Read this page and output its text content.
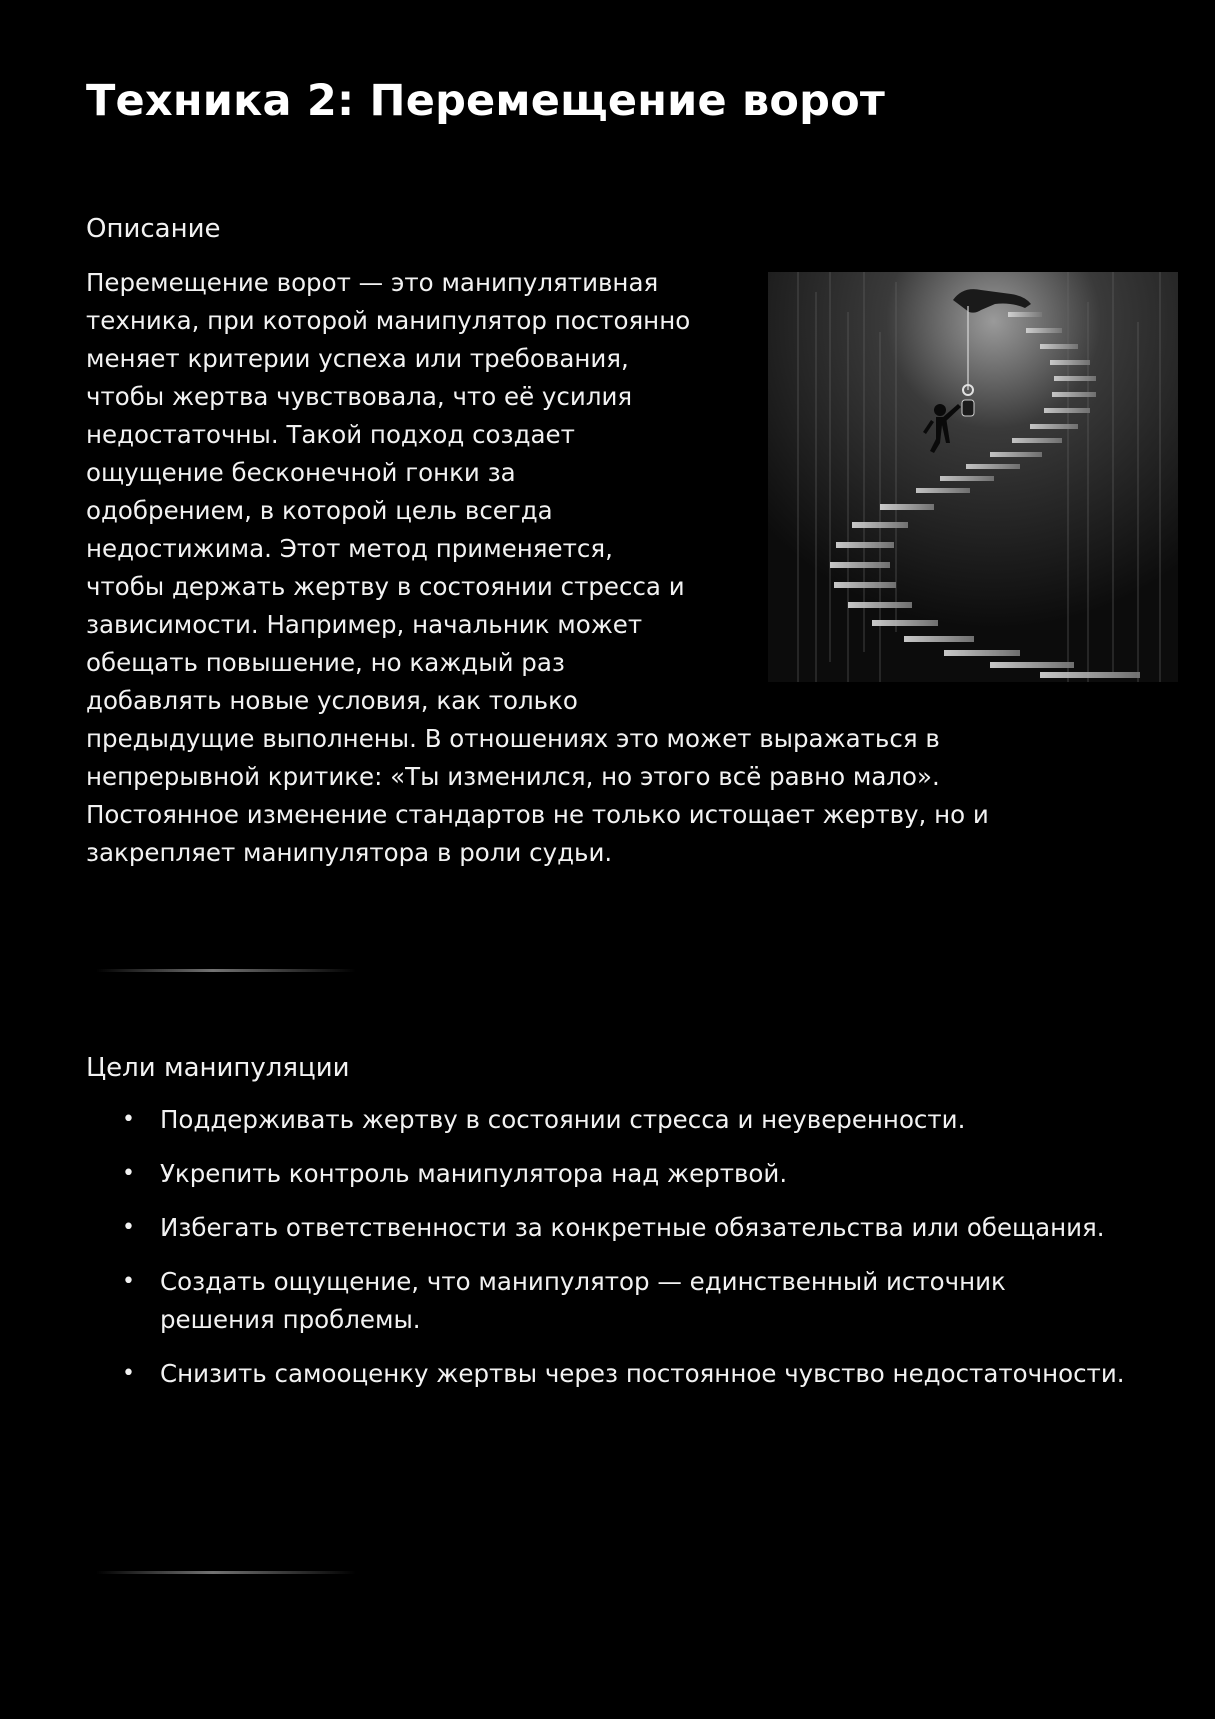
Техника 2: Перемещение ворот
Описание

Перемещение ворот — это манипулятивная
техника, при которой манипулятор постоянно
меняет критерии успеха или требования,
чтобы жертва чувствовала, что её усилия
недостаточны. Такой подход создает
ощущение бесконечной гонки за
одобрением, в которой цель всегда
недостижима. Этот метод применяется,
чтобы держать жертву в состоянии стресса и
зависимости. Например, начальник может
обещать повышение, но каждый раз
добавлять новые условия, как только
предыдущие выполнены. В отношениях это может выражаться в
непрерывной критике: «Ты изменился, но этого всё равно мало».
Постоянное изменение стандартов не только истощает жертву, но и
закрепляет манипулятора в роли судьи.

Цели манипуляции
• Поддерживать жертву в состоянии стресса и неуверенности.
• Укрепить контроль манипулятора над жертвой.
• Избегать ответственности за конкретные обязательства или обещания.
• Создать ощущение, что манипулятор — единственный источник решения проблемы.
• Снизить самооценку жертвы через постоянное чувство недостаточности.
